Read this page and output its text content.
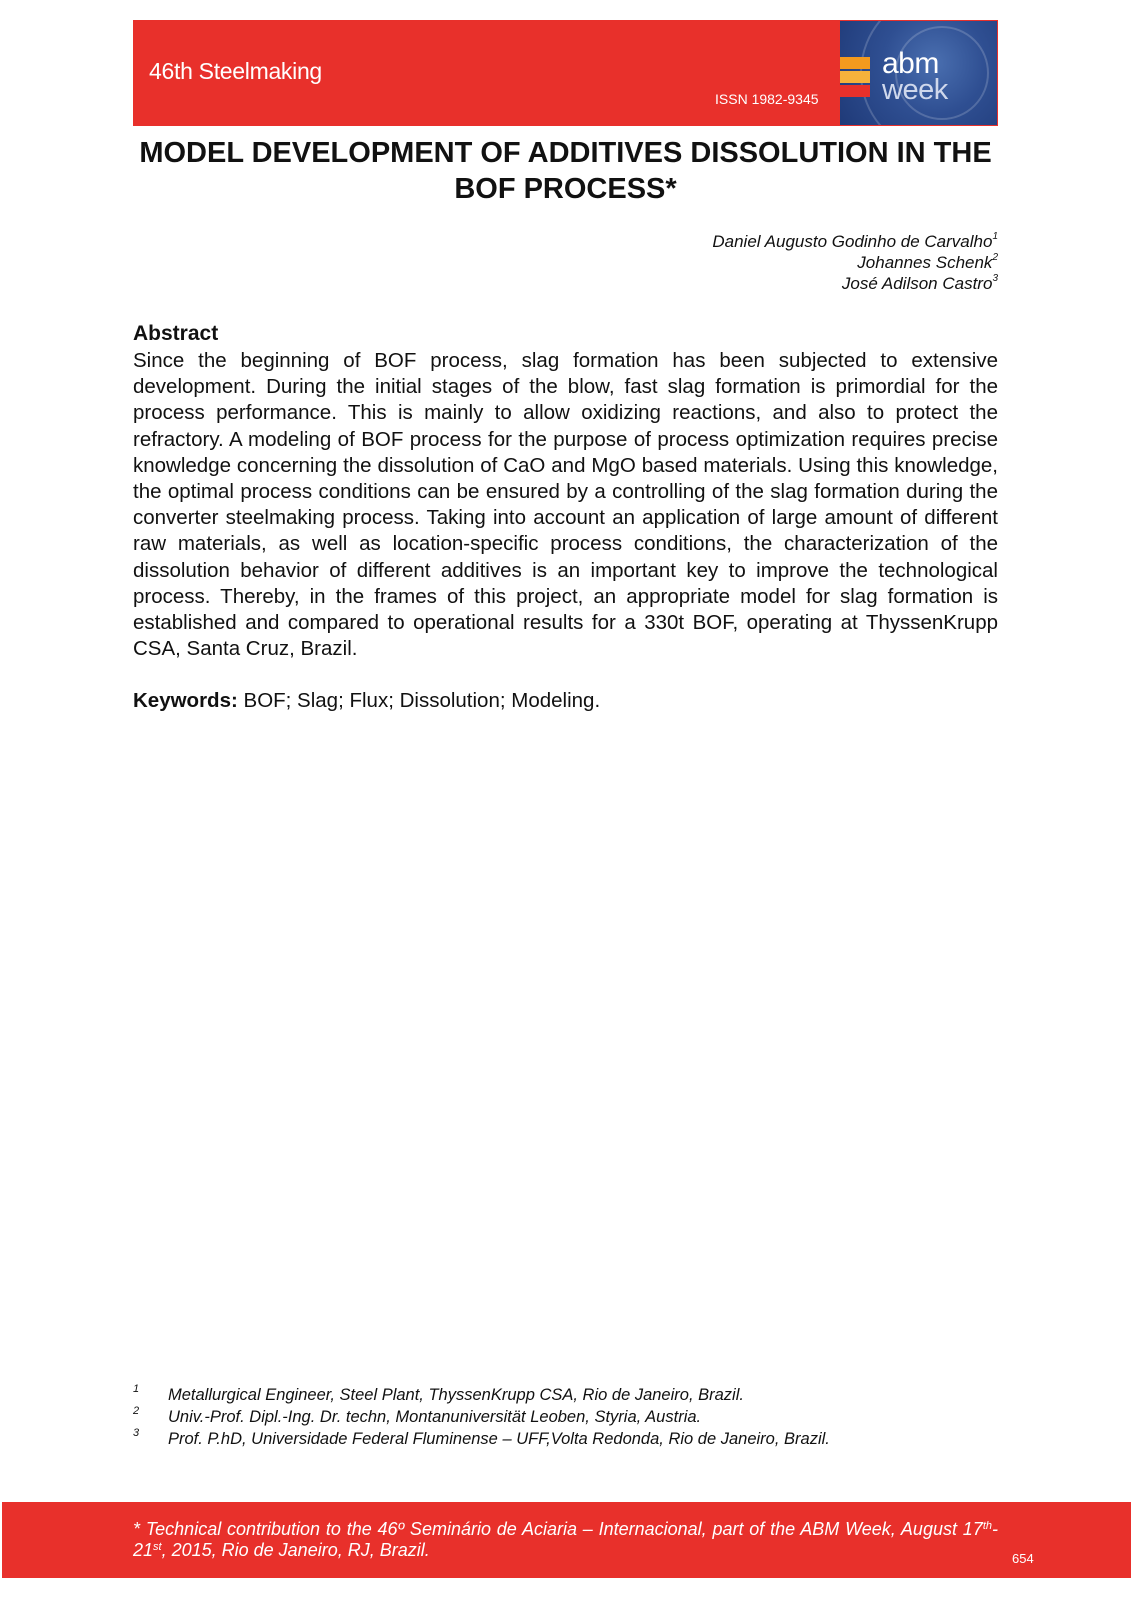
46th Steelmaking
ISSN 1982-9345
abm
week
MODEL DEVELOPMENT OF ADDITIVES DISSOLUTION IN THE BOF PROCESS*
Daniel Augusto Godinho de Carvalho$^1$
Johannes Schenk$^2$
José Adilson Castro$^3$
Abstract

Since the beginning of BOF process, slag formation has been subjected to extensive development. During the initial stages of the blow, fast slag formation is primordial for the process performance. This is mainly to allow oxidizing reactions, and also to protect the refractory. A modeling of BOF process for the purpose of process optimization requires precise knowledge concerning the dissolution of CaO and MgO based materials. Using this knowledge, the optimal process conditions can be ensured by a controlling of the slag formation during the converter steelmaking process. Taking into account an application of large amount of different raw materials, as well as location-specific process conditions, the characterization of the dissolution behavior of different additives is an important key to improve the technological process. Thereby, in the frames of this project, an appropriate model for slag formation is established and compared to operational results for a 330t BOF, operating at ThyssenKrupp CSA, Santa Cruz, Brazil.

Keywords: BOF; Slag; Flux; Dissolution; Modeling.

1 Metallurgical Engineer, Steel Plant, ThyssenKrupp CSA, Rio de Janeiro, Brazil.
2 Univ.-Prof. Dipl.-Ing. Dr. techn, Montanuniversität Leoben, Styria, Austria.
3 Prof. P.hD, Universidade Federal Fluminense – UFF,Volta Redonda, Rio de Janeiro, Brazil.
* Technical contribution to the 46º Seminário de Aciaria – Internacional, part of the ABM Week, August 17th-21st, 2015, Rio de Janeiro, RJ, Brazil.	654
